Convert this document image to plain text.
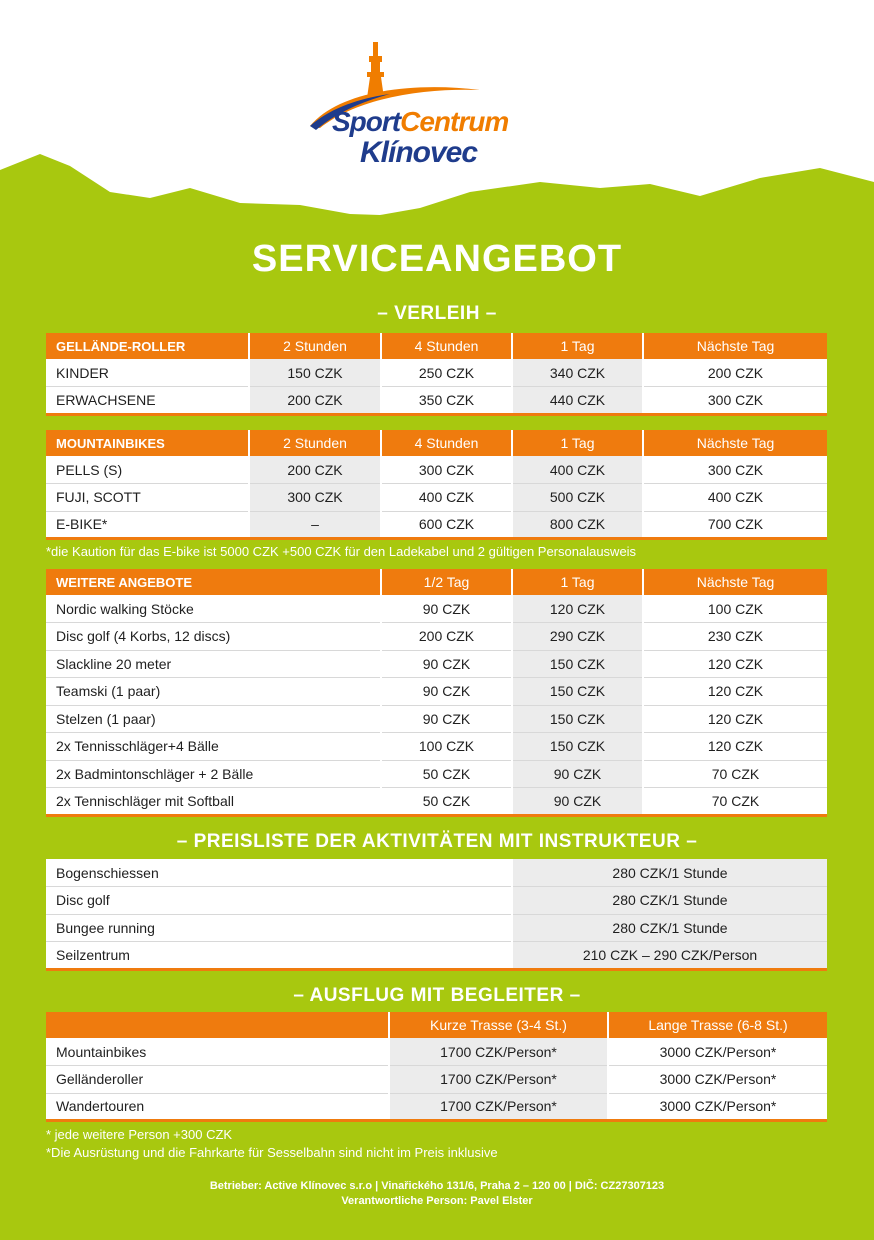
SportCentrum
Klínovec
SERVICEANGEBOT
– VERLEIH –
GELLÄNDE-ROLLER	2 Stunden	4 Stunden	1 Tag	Nächste Tag
KINDER	150 CZK	250 CZK	340 CZK	200 CZK
ERWACHSENE	200 CZK	350 CZK	440 CZK	300 CZK
MOUNTAINBIKES	2 Stunden	4 Stunden	1 Tag	Nächste Tag
PELLS (S)	200 CZK	300 CZK	400 CZK	300 CZK
FUJI, SCOTT	300 CZK	400 CZK	500 CZK	400 CZK
E-BIKE*	–	600 CZK	800 CZK	700 CZK
*die Kaution für das E-bike ist 5000 CZK +500 CZK für den Ladekabel und 2 gültigen Personalausweis
WEITERE ANGEBOTE	1/2 Tag	1 Tag	Nächste Tag
Nordic walking Stöcke	90 CZK	120 CZK	100 CZK
Disc golf (4 Korbs, 12 discs)	200 CZK	290 CZK	230 CZK
Slackline 20 meter	90 CZK	150 CZK	120 CZK
Teamski (1 paar)	90 CZK	150 CZK	120 CZK
Stelzen (1 paar)	90 CZK	150 CZK	120 CZK
2x Tennisschläger+4 Bälle	100 CZK	150 CZK	120 CZK
2x Badmintonschläger + 2 Bälle	50 CZK	90 CZK	70 CZK
2x Tennischläger mit Softball	50 CZK	90 CZK	70 CZK
– PREISLISTE DER AKTIVITÄTEN MIT INSTRUKTEUR –
Bogenschiessen	280 CZK/1 Stunde
Disc golf	280 CZK/1 Stunde
Bungee running	280 CZK/1 Stunde
Seilzentrum	210 CZK – 290 CZK/Person
– AUSFLUG MIT BEGLEITER –
	Kurze Trasse (3-4 St.)	Lange Trasse (6-8 St.)
Mountainbikes	1700 CZK/Person*	3000 CZK/Person*
Gelländeroller	1700 CZK/Person*	3000 CZK/Person*
Wandertouren	1700 CZK/Person*	3000 CZK/Person*
* jede weitere Person +300 CZK
*Die Ausrüstung und die Fahrkarte für Sesselbahn sind nicht im Preis inklusive
Betrieber: Active Klínovec s.r.o | Vinařického 131/6, Praha 2 – 120 00 | DIČ: CZ27307123
Verantwortliche Person: Pavel Elster
